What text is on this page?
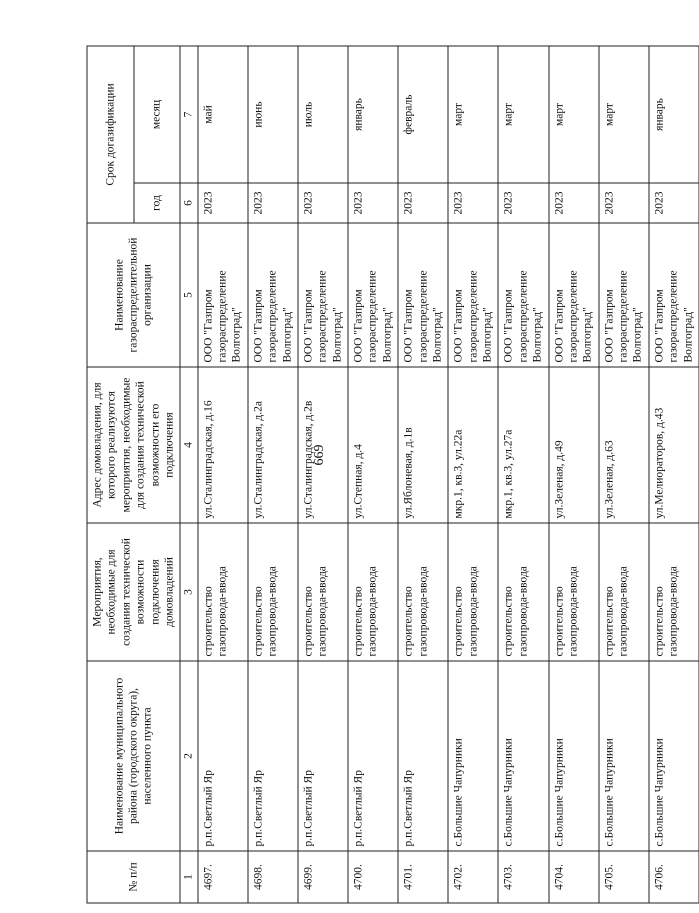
669
№ п/п	Наименование муниципального района (городского округа), населенного пункта	Мероприятия, необходимые для создания технической возможности подключения домовладений	Адрес домовладения, для которого реализуются мероприятия, необходимые для создания технической возможности его подключения	Наименование газораспределительной организации	Срок догазификации	
					год	месяц
1	2	3	4	5	6	7
4697.	р.п.Светлый Яр	строительство газопровода-ввода	ул.Сталинградская, д.16	ООО "Газпром газораспределение Волгоград"	2023	май
4698.	р.п.Светлый Яр	строительство газопровода-ввода	ул.Сталинградская, д.2а	ООО "Газпром газораспределение Волгоград"	2023	июнь
4699.	р.п.Светлый Яр	строительство газопровода-ввода	ул.Сталинградская, д.2в	ООО "Газпром газораспределение Волгоград"	2023	июль
4700.	р.п.Светлый Яр	строительство газопровода-ввода	ул.Степная, д.4	ООО "Газпром газораспределение Волгоград"	2023	январь
4701.	р.п.Светлый Яр	строительство газопровода-ввода	ул.Яблоневая, д.1в	ООО "Газпром газораспределение Волгоград"	2023	февраль
4702.	с.Большие Чапурники	строительство газопровода-ввода	мкр.1, кв.3, ул.22а	ООО "Газпром газораспределение Волгоград"	2023	март
4703.	с.Большие Чапурники	строительство газопровода-ввода	мкр.1, кв.3, ул.27а	ООО "Газпром газораспределение Волгоград"	2023	март
4704.	с.Большие Чапурники	строительство газопровода-ввода	ул.Зеленая, д.49	ООО "Газпром газораспределение Волгоград"	2023	март
4705.	с.Большие Чапурники	строительство газопровода-ввода	ул.Зеленая, д.63	ООО "Газпром газораспределение Волгоград"	2023	март
4706.	с.Большие Чапурники	строительство газопровода-ввода	ул.Мелиораторов, д.43	ООО "Газпром газораспределение Волгоград"	2023	январь
